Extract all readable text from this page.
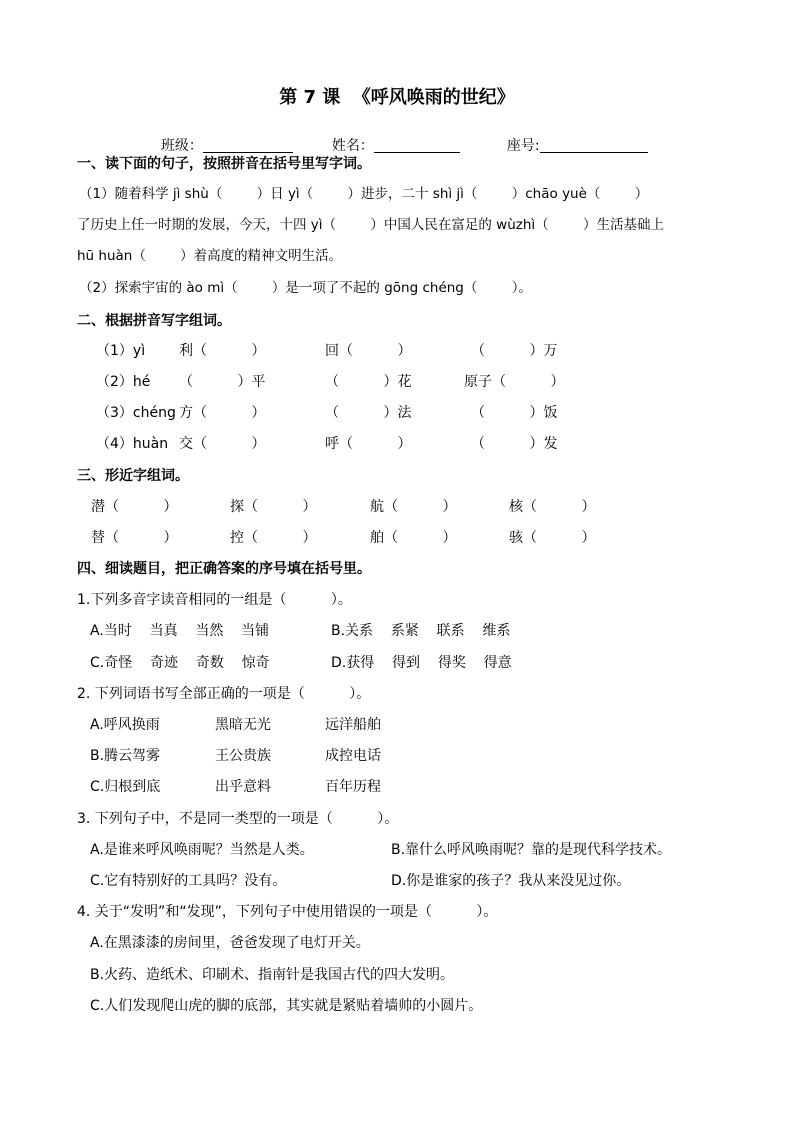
第 7 课  《呼风唤雨的世纪》

班级：	姓名：	座号:

一、读下面的句子，按照拼音在括号里写字词。
（1）随着科学 jì shù（        ）日 yì（        ）进步，二十 shì jì（        ）chāo yuè（        ）
了历史上任一时期的发展，今天，十四 yì（        ）中国人民在富足的 wùzhì（        ）生活基础上
hū huàn（        ）着高度的精神文明生活。
（2）探索宇宙的 ào mì（        ）是一项了不起的 gōng chéng（        ）。
二、根据拼音写字组词。
（1）yì 利（          ）	回（          ）	（          ）万
（2）hé （          ）平	（          ）花	原子（          ）
（3）chéng 方（          ）	（          ）法	（          ）饭
（4）huàn 交（          ）	呼（          ）	（          ）发
三、形近字组词。
潜（          ）	探（          ）	航（          ）	核（          ）
替（          ）	控（          ）	舶（          ）	骇（          ）
四、细读题目，把正确答案的序号填在括号里。
1.下列多音字读音相同的一组是（          ）。
A.当时    当真    当然    当铺	B.关系    系紧    联系    维系
C.奇怪    奇迹    奇数    惊奇	D.获得    得到    得奖    得意
2. 下列词语书写全部正确的一项是（          ）。
A.呼风换雨	黑暗无光	远洋船舶
B.腾云驾雾	王公贵族	成控电话
C.归根到底	出乎意料	百年历程
3. 下列句子中，不是同一类型的一项是（          ）。
A.是谁来呼风唤雨呢？当然是人类。	B.靠什么呼风唤雨呢？靠的是现代科学技术。
C.它有特别好的工具吗？没有。	D.你是谁家的孩子？我从来没见过你。
4. 关于“发明”和“发现”，下列句子中使用错误的一项是（          ）。
A.在黑漆漆的房间里，爸爸发现了电灯开关。
B.火药、造纸术、印刷术、指南针是我国古代的四大发明。
C.人们发现爬山虎的脚的底部，其实就是紧贴着墙帅的小圆片。
